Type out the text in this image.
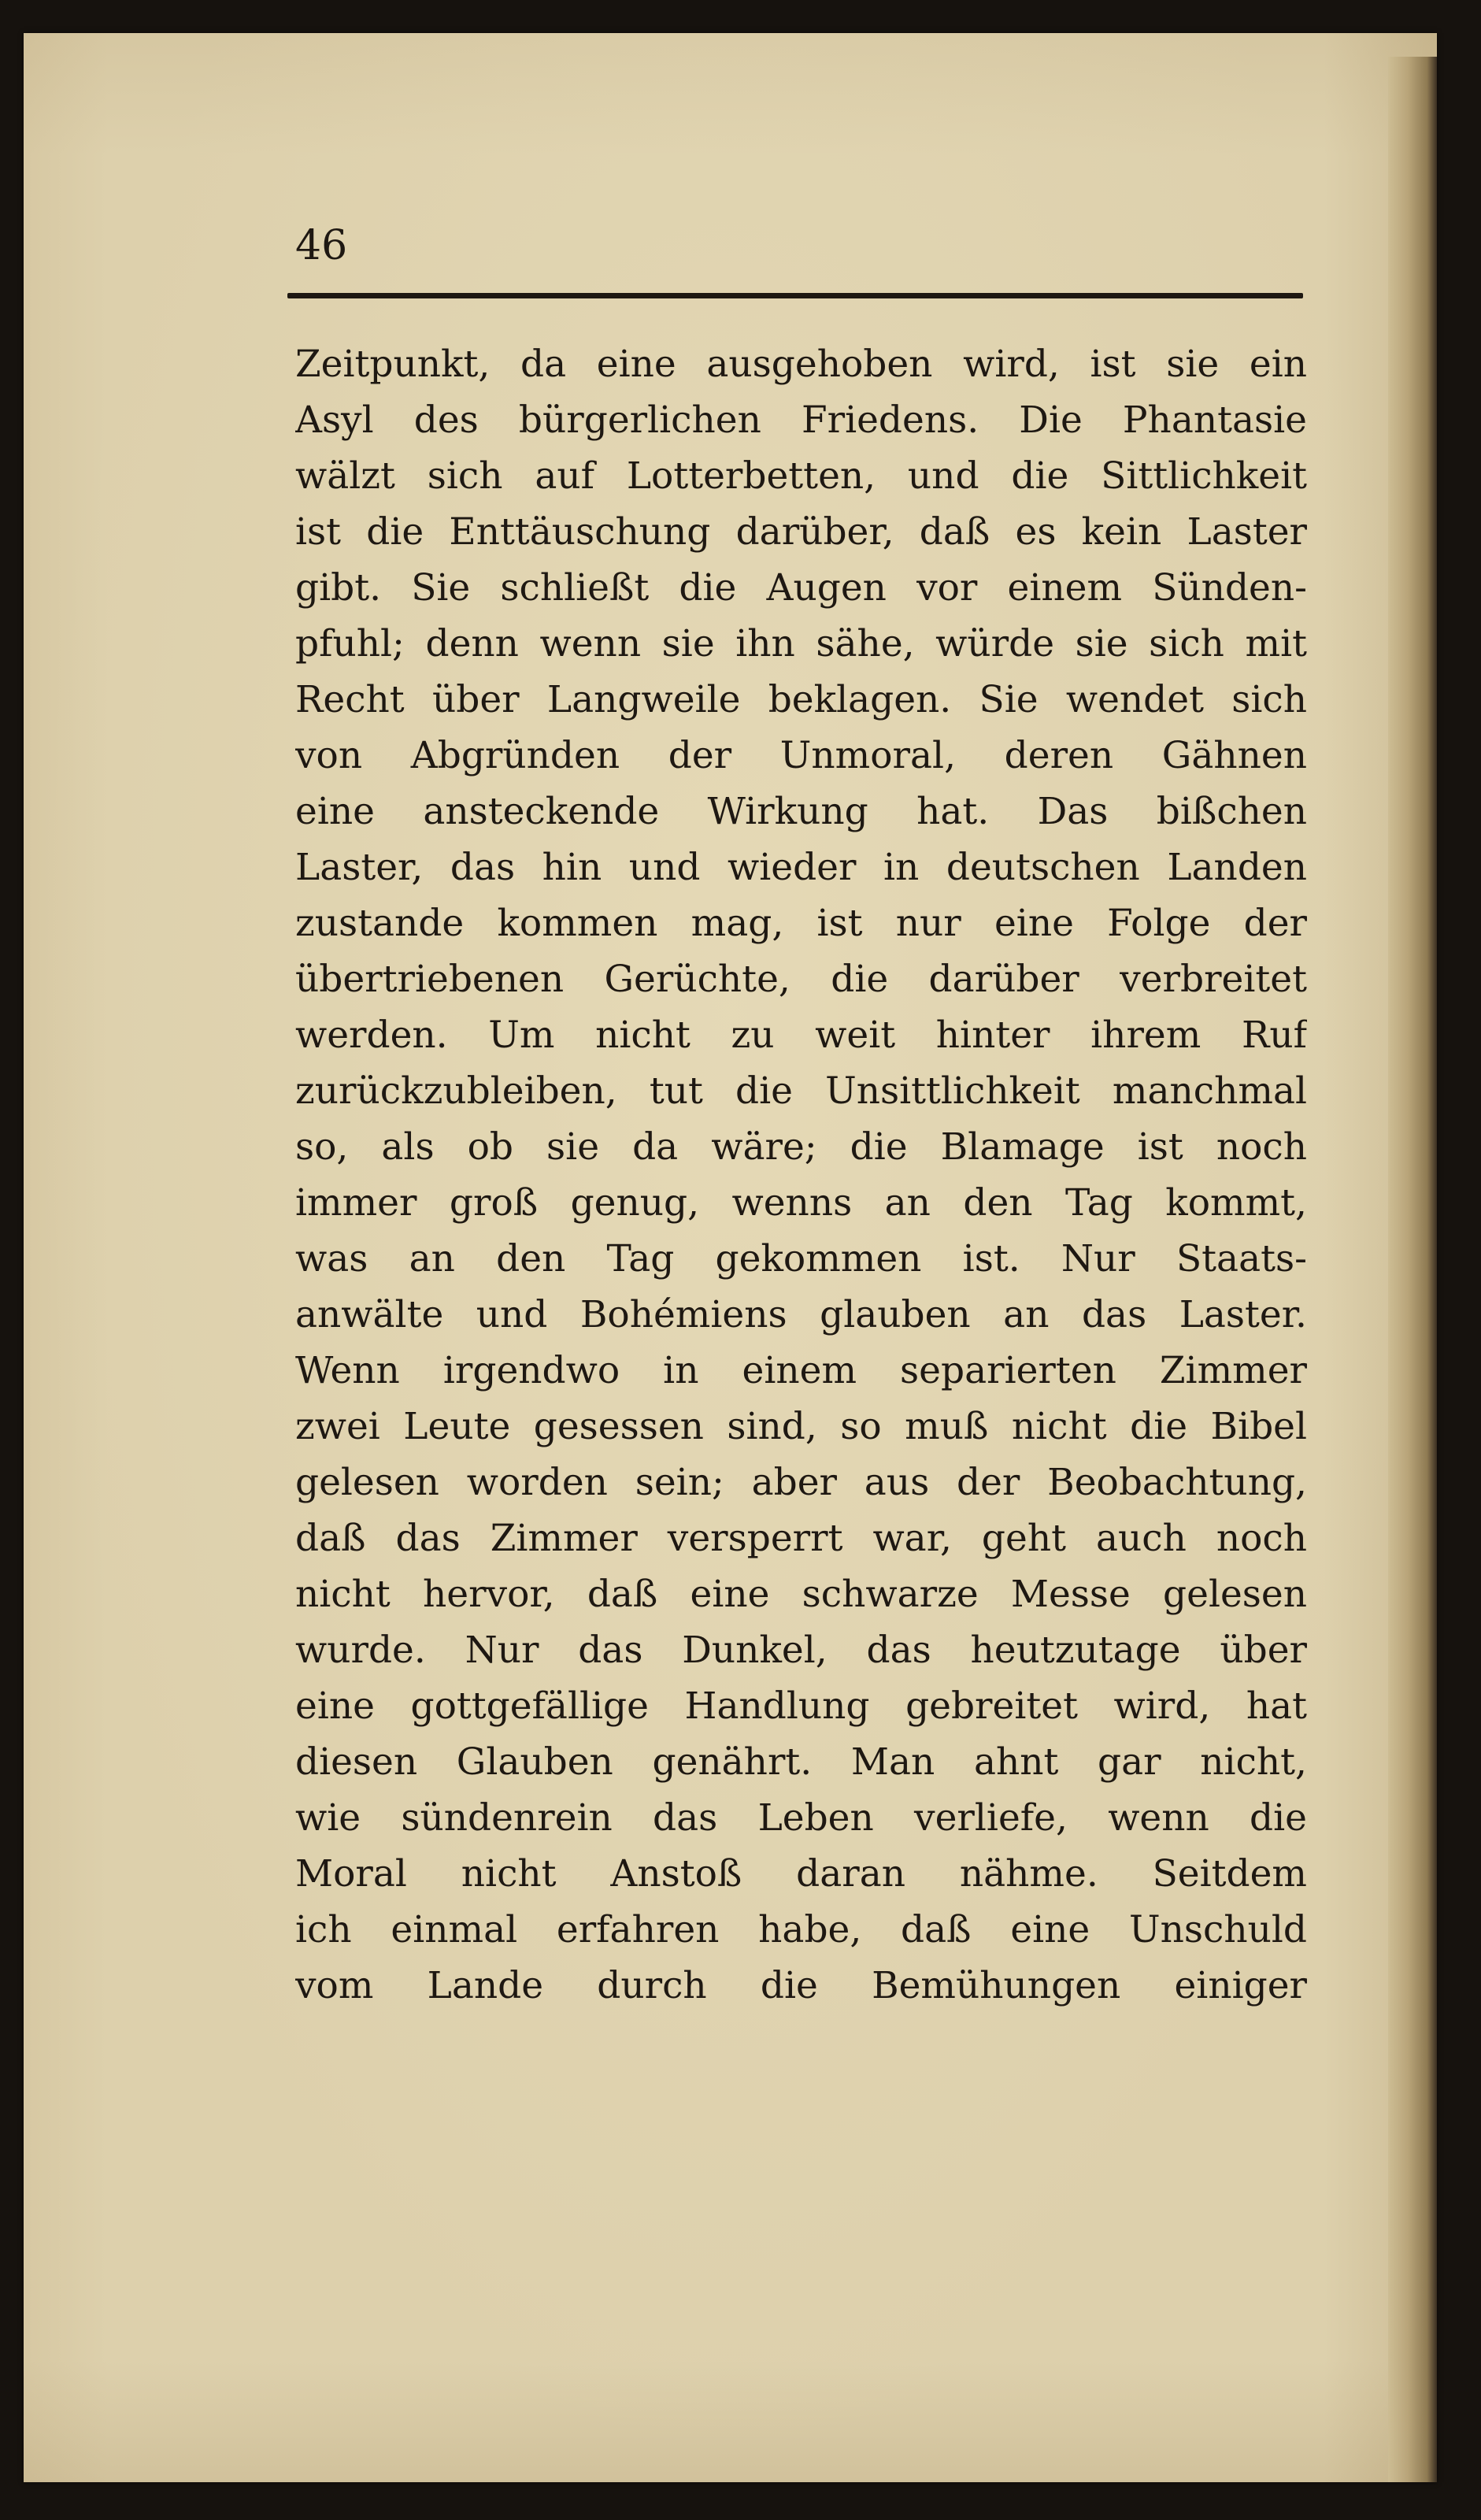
46

Zeitpunkt, da eine ausgehoben wird, ist sie ein
Asyl des bürgerlichen Friedens. Die Phantasie
wälzt sich auf Lotterbetten, und die Sittlichkeit
ist die Enttäuschung darüber, daß es kein Laster
gibt. Sie schließt die Augen vor einem Sünden-
pfuhl; denn wenn sie ihn sähe, würde sie sich mit
Recht über Langweile beklagen. Sie wendet sich
von Abgründen der Unmoral, deren Gähnen
eine ansteckende Wirkung hat. Das bißchen
Laster, das hin und wieder in deutschen Landen
zustande kommen mag, ist nur eine Folge der
übertriebenen Gerüchte, die darüber verbreitet
werden. Um nicht zu weit hinter ihrem Ruf
zurückzubleiben, tut die Unsittlichkeit manchmal
so, als ob sie da wäre; die Blamage ist noch
immer groß genug, wenns an den Tag kommt,
was an den Tag gekommen ist. Nur Staats-
anwälte und Bohémiens glauben an das Laster.
Wenn irgendwo in einem separierten Zimmer
zwei Leute gesessen sind, so muß nicht die Bibel
gelesen worden sein; aber aus der Beobachtung,
daß das Zimmer versperrt war, geht auch noch
nicht hervor, daß eine schwarze Messe gelesen
wurde. Nur das Dunkel, das heutzutage über
eine gottgefällige Handlung gebreitet wird, hat
diesen Glauben genährt. Man ahnt gar nicht,
wie sündenrein das Leben verliefe, wenn die
Moral nicht Anstoß daran nähme. Seitdem
ich einmal erfahren habe, daß eine Unschuld
vom Lande durch die Bemühungen einiger
